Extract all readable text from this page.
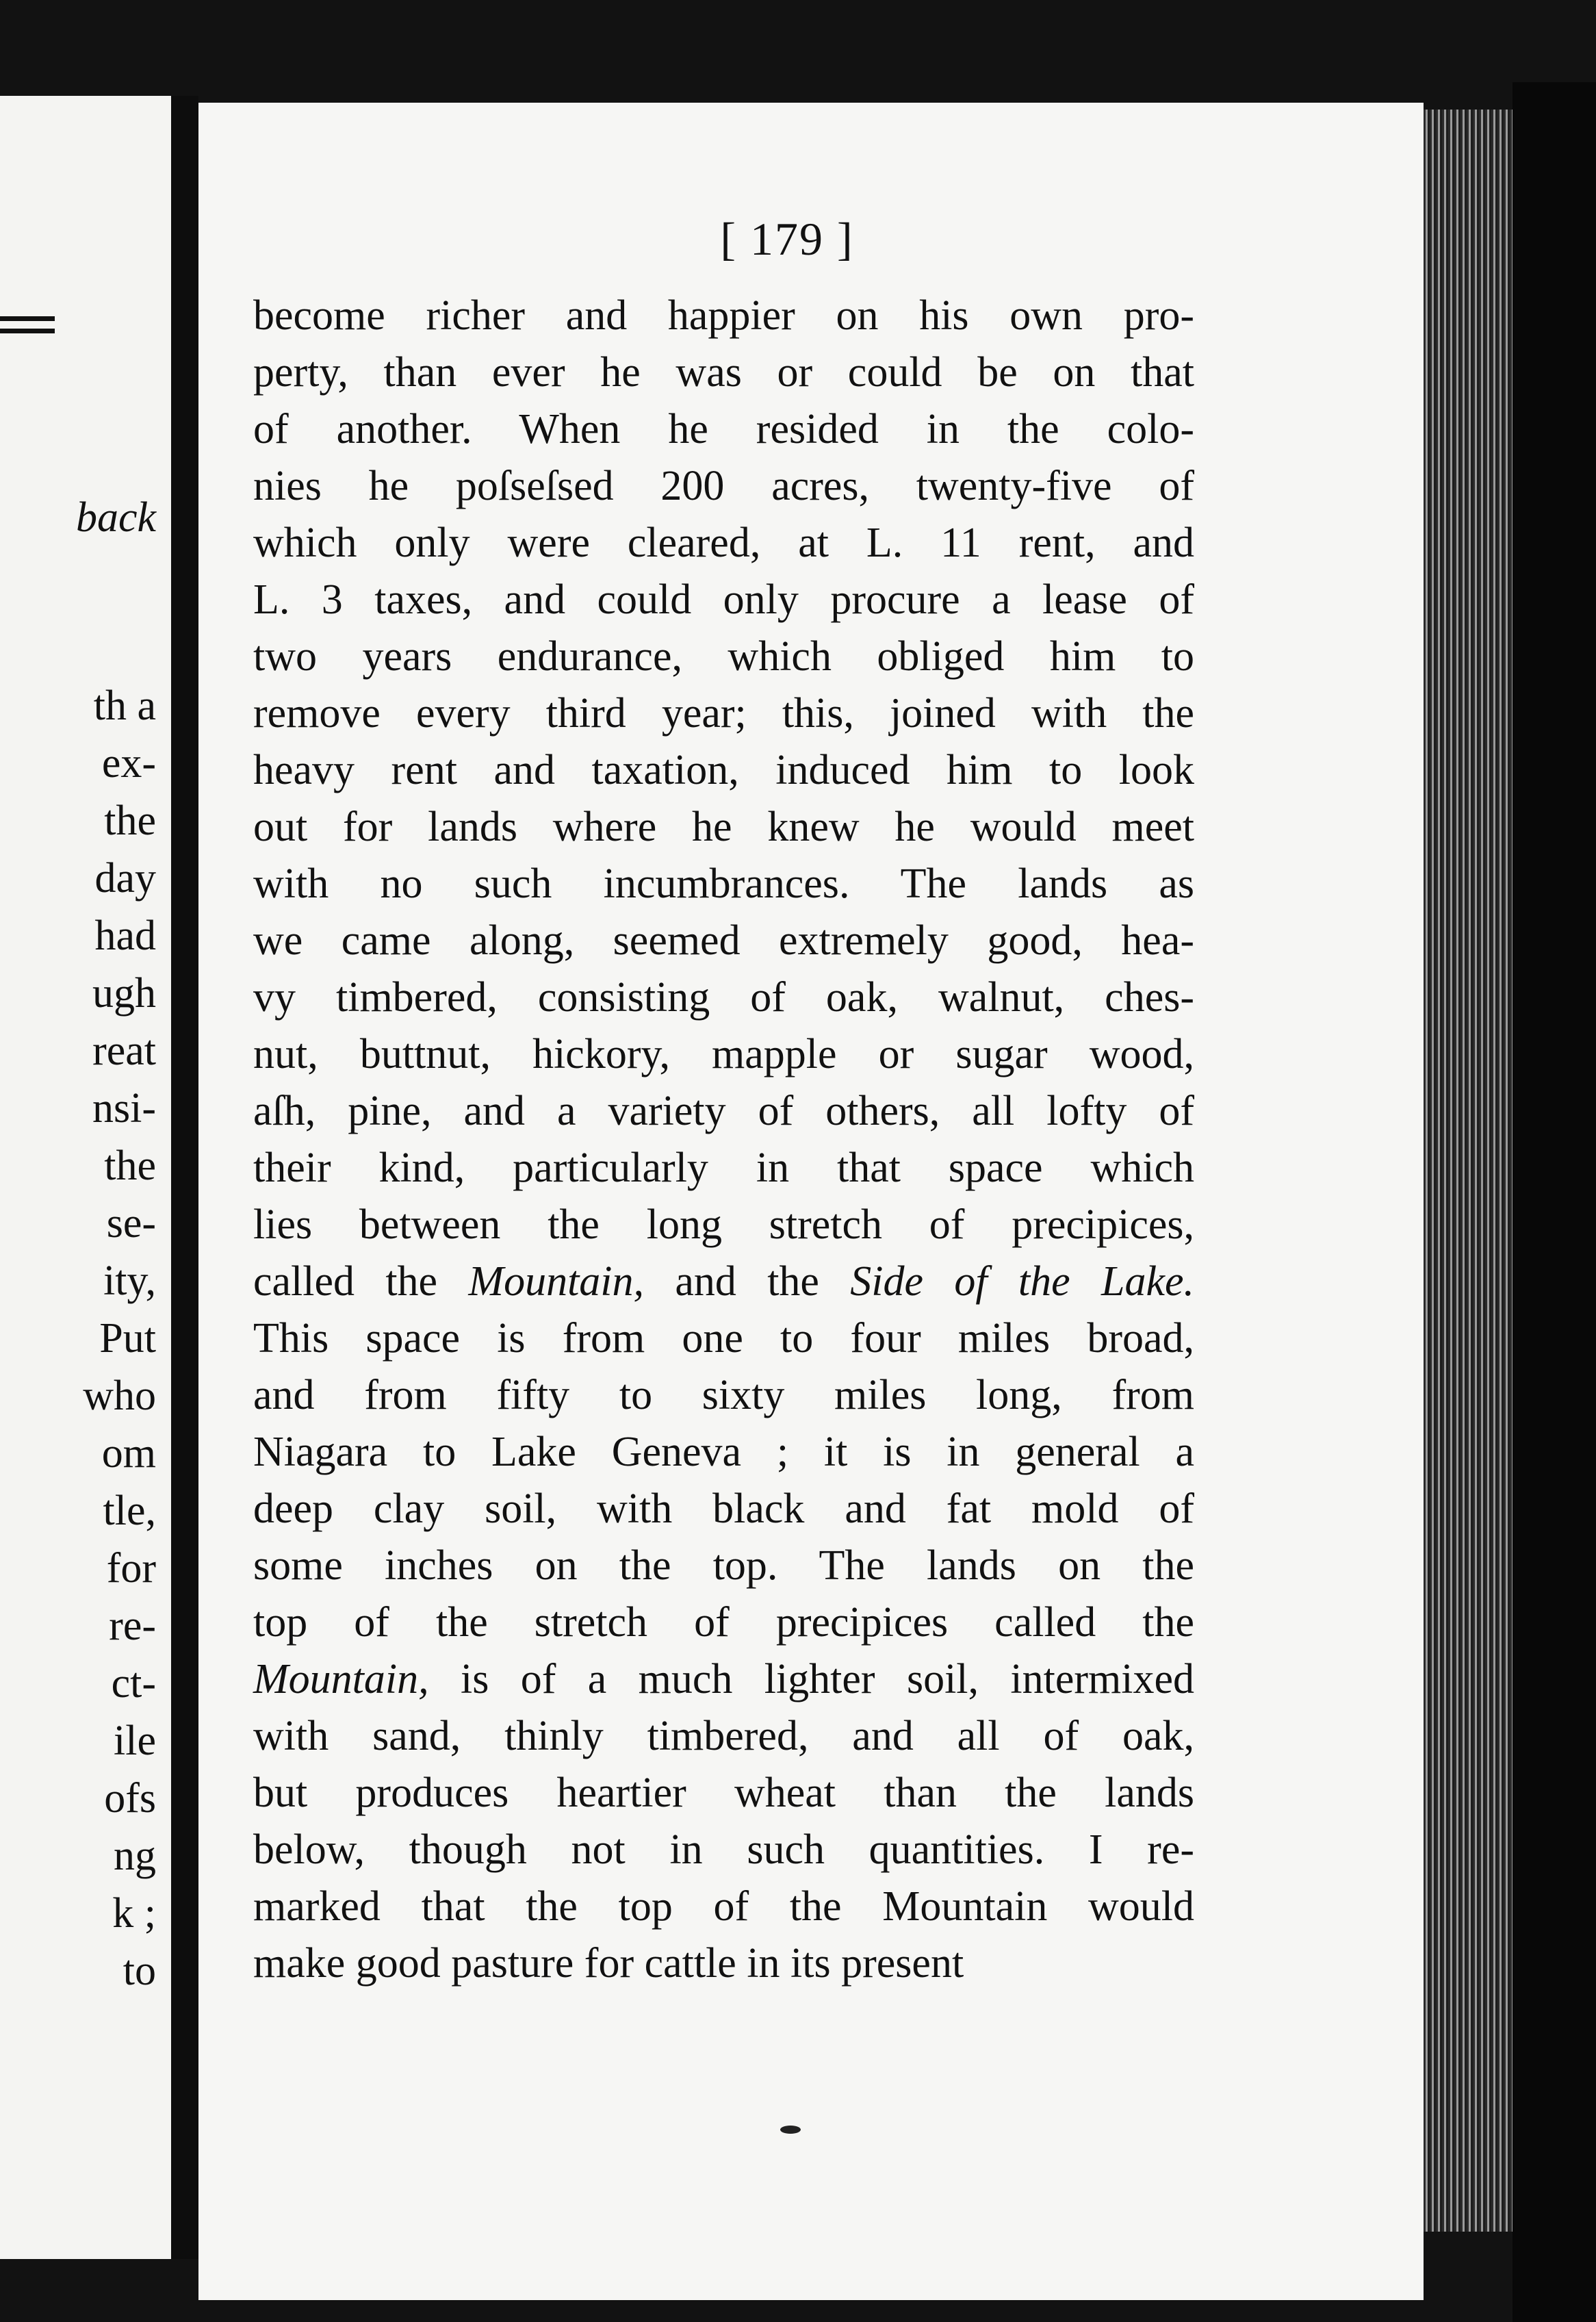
back
th a
ex-
the
day
had
ugh
reat
nsi-
the
se-
ity,
Put
who
om
tle,
for
re-
ct-
ile
ofs
ng
k ;
to
[ 179 ]
become richer and happier on his own pro-
perty, than ever he was or could be on that
of another. When he resided in the colo-
nies he poſseſsed 200 acres, twenty-five of
which only were cleared, at L. 11 rent, and
L. 3 taxes, and could only procure a lease of
two years endurance, which obliged him to
remove every third year; this, joined with the
heavy rent and taxation, induced him to look
out for lands where he knew he would meet
with no such incumbrances. The lands as
we came along, seemed extremely good, hea-
vy timbered, consisting of oak, walnut, ches-
nut, buttnut, hickory, mapple or sugar wood,
aſh, pine, and a variety of others, all lofty of
their kind, particularly in that space which
lies between the long stretch of precipices,
called the Mountain, and the Side of the Lake.
This space is from one to four miles broad,
and from fifty to sixty miles long, from
Niagara to Lake Geneva ; it is in general a
deep clay soil, with black and fat mold of
some inches on the top. The lands on the
top of the stretch of precipices called the
Mountain, is of a much lighter soil, intermixed
with sand, thinly timbered, and all of oak,
but produces heartier wheat than the lands
below, though not in such quantities. I re-
marked that the top of the Mountain would
make good pasture for cattle in its present
